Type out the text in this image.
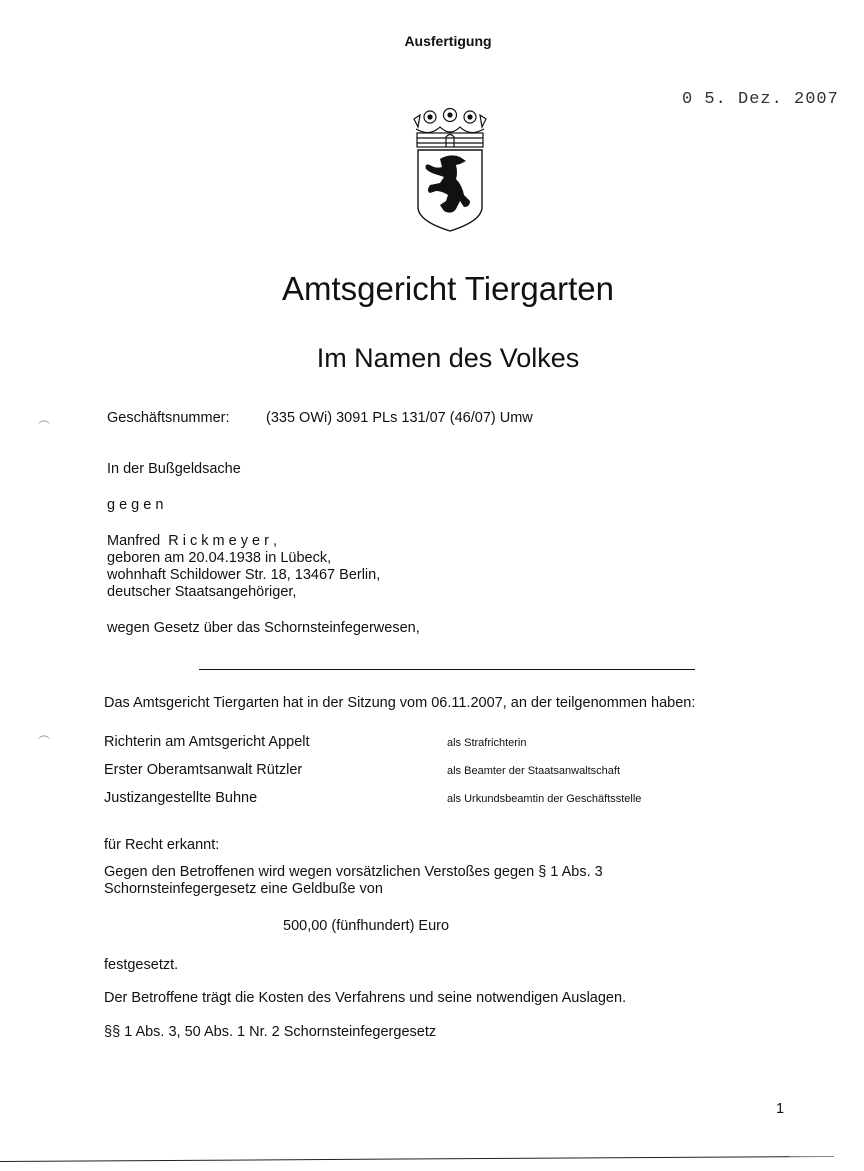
Ausfertigung
0 5. Dez. 2007
Amtsgericht Tiergarten
Im Namen des Volkes
︵	Geschäftsnummer:	(335 OWi) 3091 PLs 131/07 (46/07) Umw
In der Bußgeldsache
g e g e n
Manfred  R i c k m e y e r ,
geboren am 20.04.1938 in Lübeck,
wohnhaft Schildower Str. 18, 13467 Berlin,
deutscher Staatsangehöriger,
wegen Gesetz über das Schornsteinfegerwesen,
Das Amtsgericht Tiergarten hat in der Sitzung vom 06.11.2007, an der teilgenommen haben:
︵	Richterin am Amtsgericht Appelt	als Strafrichterin
Erster Oberamtsanwalt Rützler	als Beamter der Staatsanwaltschaft
Justizangestellte Buhne	als Urkundsbeamtin der Geschäftsstelle
für Recht erkannt:
Gegen den Betroffenen wird wegen vorsätzlichen Verstoßes gegen § 1 Abs. 3
Schornsteinfegergesetz eine Geldbuße von
500,00 (fünfhundert) Euro
festgesetzt.
Der Betroffene trägt die Kosten des Verfahrens und seine notwendigen Auslagen.
§§ 1 Abs. 3, 50 Abs. 1 Nr. 2 Schornsteinfegergesetz
1
